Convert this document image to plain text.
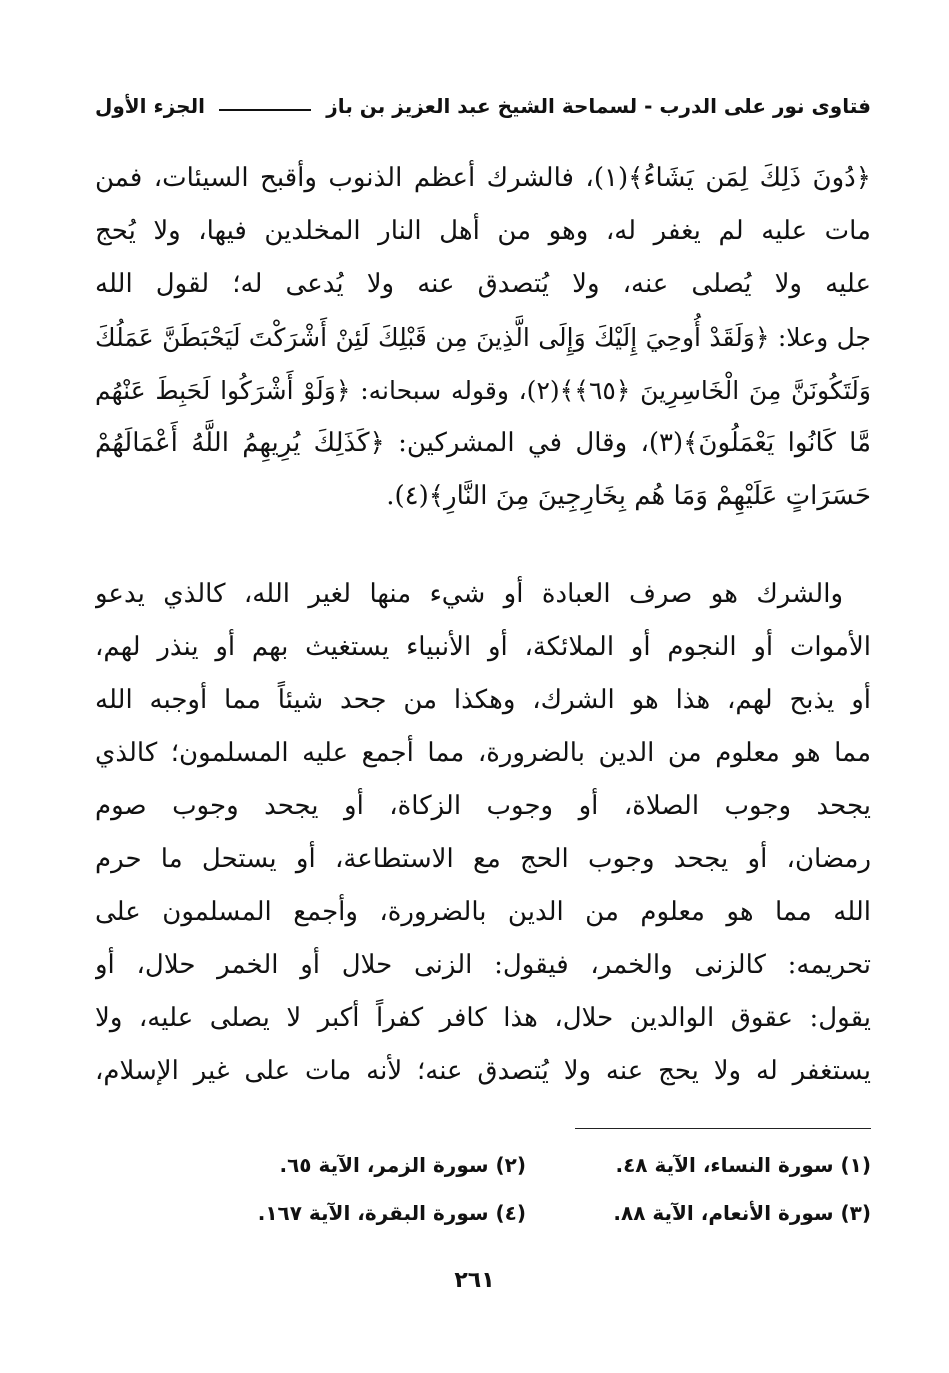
فتاوى نور على الدرب - لسماحة الشيخ عبد العزيز بن باز
الجزء الأول
﴿دُونَ ذَلِكَ لِمَن يَشَاءُ﴾(١)، فالشرك أعظم الذنوب وأقبح السيئات، فمن
مات عليه لم يغفر له، وهو من أهل النار المخلدين فيها، ولا يُحج
عليه ولا يُصلى عنه، ولا يُتصدق عنه ولا يُدعى له؛ لقول الله
جل وعلا: ﴿وَلَقَدْ أُوحِيَ إِلَيْكَ وَإِلَى الَّذِينَ مِن قَبْلِكَ لَئِنْ أَشْرَكْتَ لَيَحْبَطَنَّ عَمَلُكَ
وَلَتَكُونَنَّ مِنَ الْخَاسِرِينَ ﴿٦٥﴾﴾(٢)، وقوله سبحانه: ﴿وَلَوْ أَشْرَكُوا لَحَبِطَ عَنْهُم
مَّا كَانُوا يَعْمَلُونَ﴾(٣)، وقال في المشركين: ﴿كَذَلِكَ يُرِيهِمُ اللَّهُ أَعْمَالَهُمْ
حَسَرَاتٍ عَلَيْهِمْ وَمَا هُم بِخَارِجِينَ مِنَ النَّارِ﴾(٤).
والشرك هو صرف العبادة أو شيء منها لغير الله، كالذي يدعو
الأموات أو النجوم أو الملائكة، أو الأنبياء يستغيث بهم أو ينذر لهم،
أو يذبح لهم، هذا هو الشرك، وهكذا من جحد شيئاً مما أوجبه الله
مما هو معلوم من الدين بالضرورة، مما أجمع عليه المسلمون؛ كالذي
يجحد وجوب الصلاة، أو وجوب الزكاة، أو يجحد وجوب صوم
رمضان، أو يجحد وجوب الحج مع الاستطاعة، أو يستحل ما حرم
الله مما هو معلوم من الدين بالضرورة، وأجمع المسلمون على
تحريمه: كالزنى والخمر، فيقول: الزنى حلال أو الخمر حلال، أو
يقول: عقوق الوالدين حلال، هذا كافر كفراً أكبر لا يصلى عليه، ولا
يستغفر له ولا يحج عنه ولا يُتصدق عنه؛ لأنه مات على غير الإسلام،
(١) سورة النساء، الآية ٤٨.
(٢) سورة الزمر، الآية ٦٥.
(٣) سورة الأنعام، الآية ٨٨.
(٤) سورة البقرة، الآية ١٦٧.
٢٦١
